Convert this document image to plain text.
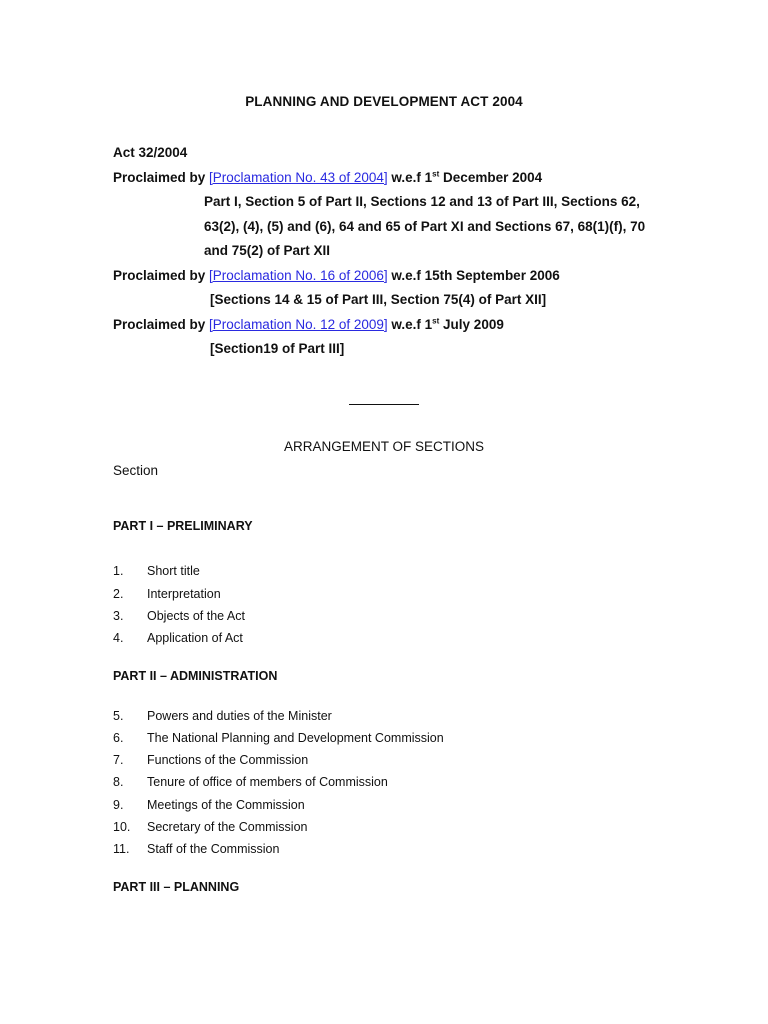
PLANNING AND DEVELOPMENT ACT 2004
Act 32/2004
Proclaimed by [Proclamation No. 43 of 2004] w.e.f 1st December 2004
Part I, Section 5 of Part II, Sections 12 and 13 of Part III, Sections 62,
63(2), (4), (5) and (6), 64 and 65 of Part XI and Sections 67, 68(1)(f), 70
and 75(2) of Part XII
Proclaimed by [Proclamation No. 16 of 2006] w.e.f 15th September 2006
[Sections 14 & 15 of Part III, Section 75(4) of Part XII]
Proclaimed by [Proclamation No. 12 of 2009] w.e.f 1st July 2009
[Section19 of Part III]
ARRANGEMENT OF SECTIONS
Section
PART I – PRELIMINARY
1. Short title
2. Interpretation
3. Objects of the Act
4. Application of Act
PART II – ADMINISTRATION
5. Powers and duties of the Minister
6. The National Planning and Development Commission
7. Functions of the Commission
8. Tenure of office of members of Commission
9. Meetings of the Commission
10. Secretary of the Commission
11. Staff of the Commission
PART III – PLANNING
